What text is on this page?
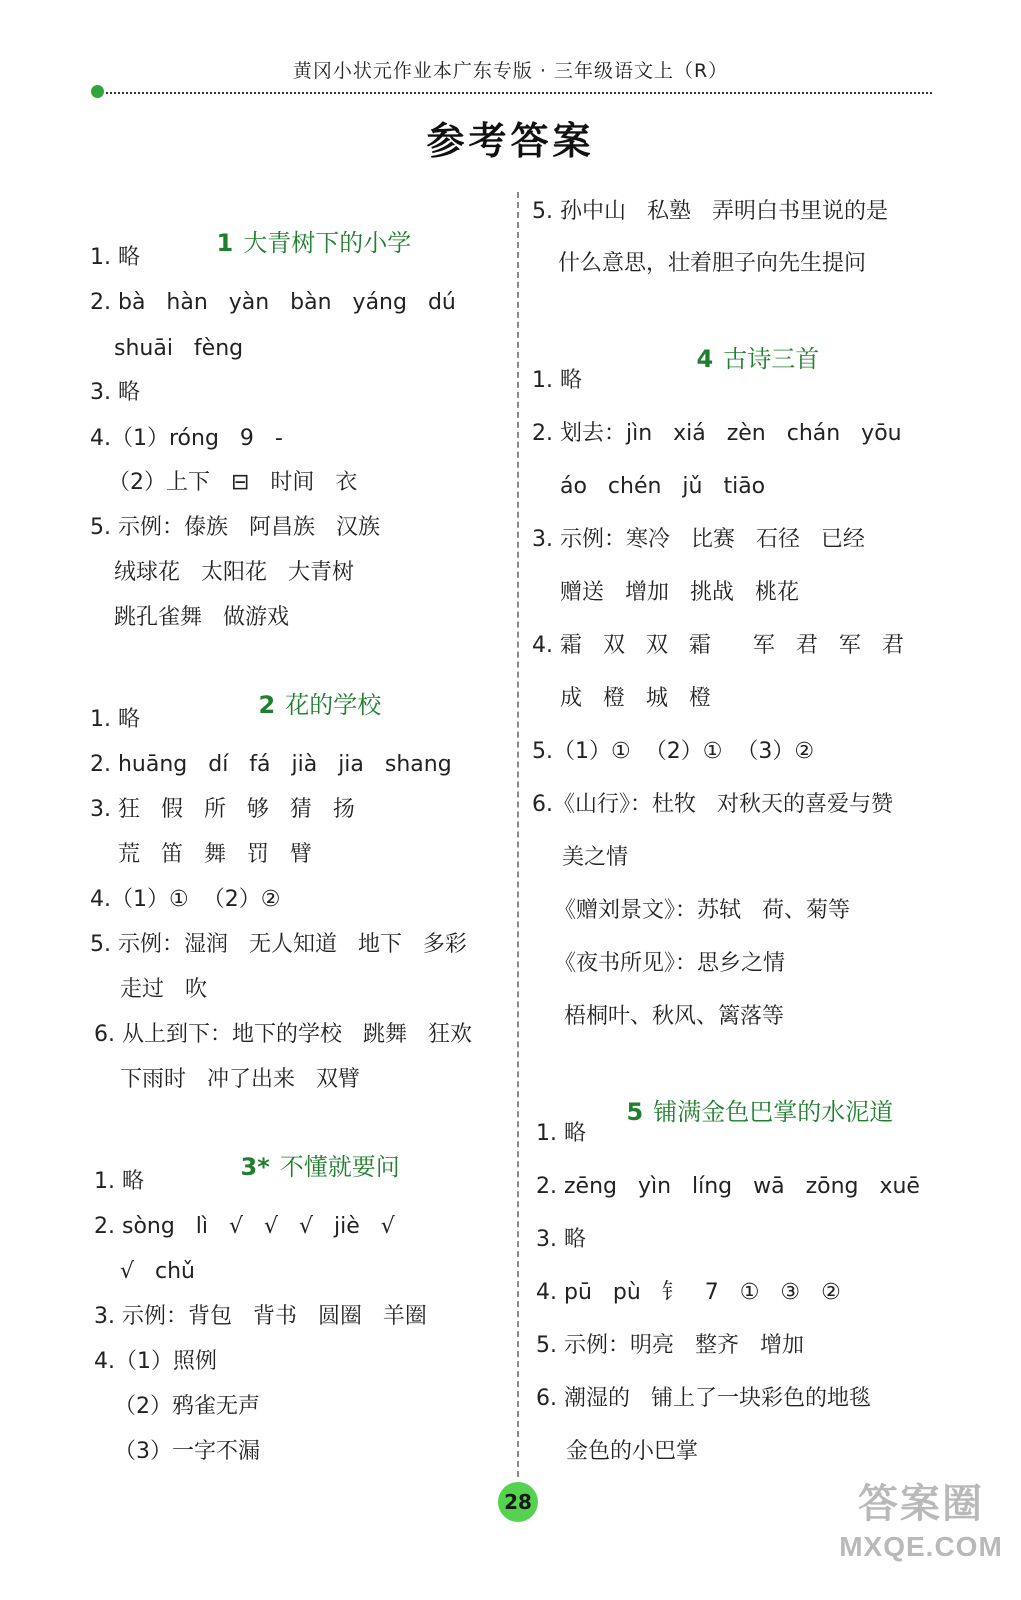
黄冈小状元作业本广东专版 · 三年级语文上（R）
参考答案

1 大青树下的小学

1. 略
2. bà   hàn   yàn   bàn   yáng   dú
shuāi   fèng
3. 略
4.（1）róng   9   -
（2）上下   ⊟   时间   衣
5. 示例：傣族   阿昌族   汉族
绒球花   太阳花   大青树
跳孔雀舞   做游戏

2 花的学校

1. 略
2. huāng   dí   fá   jià   jia   shang
3. 狂   假   所   够   猜   扬
荒   笛   舞   罚   臂
4.（1）①  （2）②
5. 示例：湿润   无人知道   地下   多彩
走过   吹
6. 从上到下：地下的学校   跳舞   狂欢
下雨时   冲了出来   双臂

3* 不懂就要问

1. 略
2. sòng   lì   √   √   √   jiè   √
√   chǔ
3. 示例：背包   背书   圆圈   羊圈
4.（1）照例
（2）鸦雀无声
（3）一字不漏
5. 孙中山   私塾   弄明白书里说的是
什么意思，壮着胆子向先生提问

4 古诗三首

1. 略
2. 划去：jìn   xiá   zèn   chán   yōu
áo   chén   jǔ   tiāo
3. 示例：寒冷   比赛   石径   已经
赠送   增加   挑战   桃花
4. 霜   双   双   霜      军   君   军   君
成   橙   城   橙
5.（1）①  （2）①  （3）②
6.《山行》：杜牧   对秋天的喜爱与赞
美之情
《赠刘景文》：苏轼   荷、菊等
《夜书所见》：思乡之情
梧桐叶、秋风、篱落等

5 铺满金色巴掌的水泥道

1. 略
2. zēng   yìn   líng   wā   zōng   xuē
3. 略
4. pū   pù   钅   7   ①   ③   ②
5. 示例：明亮   整齐   增加
6. 潮湿的   铺上了一块彩色的地毯
金色的小巴掌
28	答案圈
MXQE.COM
